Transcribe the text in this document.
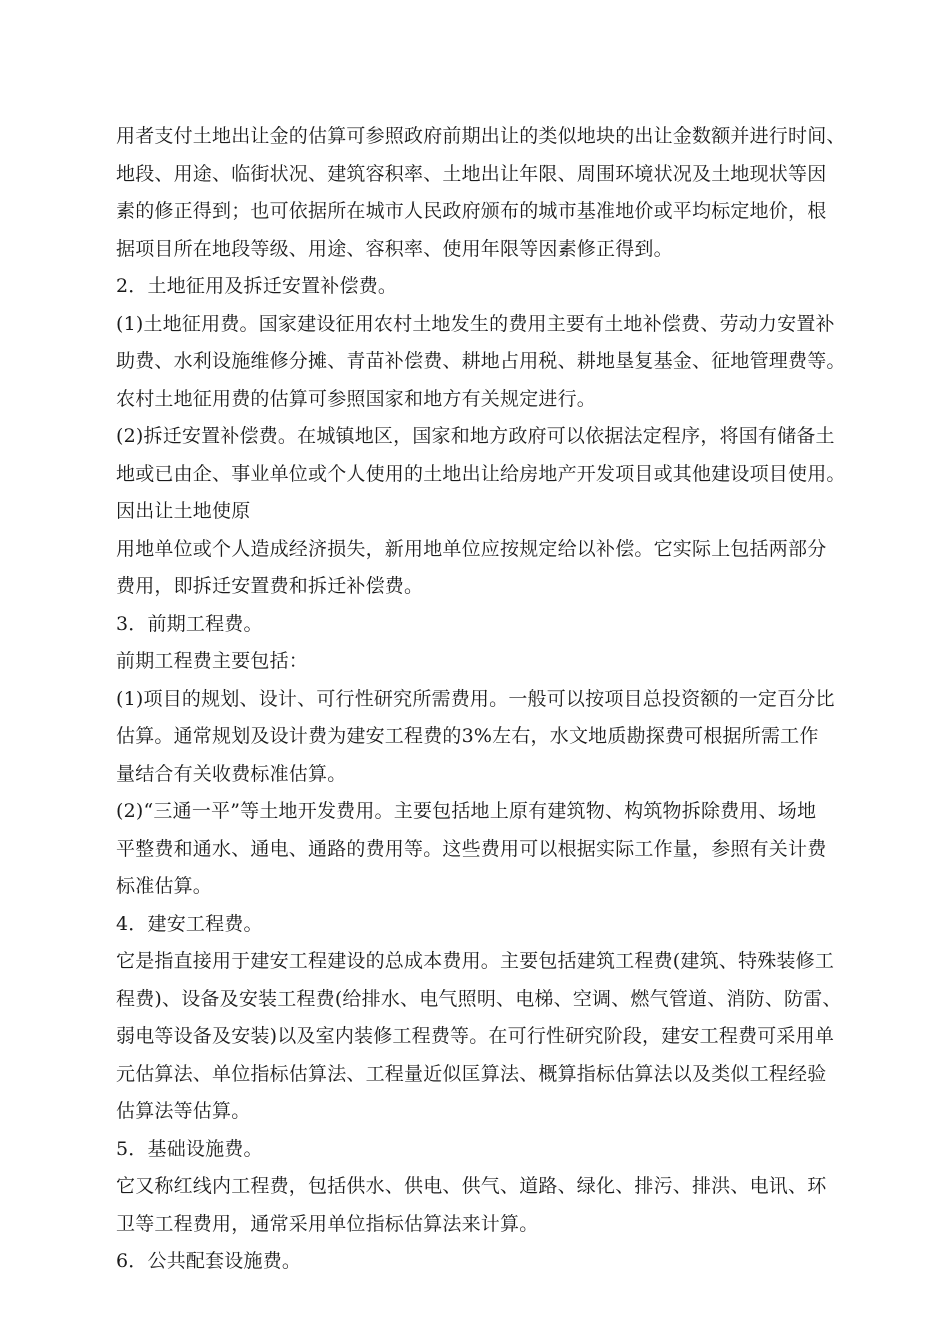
用者支付土地出让金的估算可参照政府前期出让的类似地块的出让金数额并进行时间、
地段、用途、临街状况、建筑容积率、土地出让年限、周围环境状况及土地现状等因
素的修正得到；也可依据所在城市人民政府颁布的城市基准地价或平均标定地价，根
据项目所在地段等级、用途、容积率、使用年限等因素修正得到。
2．土地征用及拆迁安置补偿费。
(1)土地征用费。国家建设征用农村土地发生的费用主要有土地补偿费、劳动力安置补
助费、水利设施维修分摊、青苗补偿费、耕地占用税、耕地垦复基金、征地管理费等。
农村土地征用费的估算可参照国家和地方有关规定进行。
(2)拆迁安置补偿费。在城镇地区，国家和地方政府可以依据法定程序，将国有储备土
地或已由企、事业单位或个人使用的土地出让给房地产开发项目或其他建设项目使用。
因出让土地使原
用地单位或个人造成经济损失，新用地单位应按规定给以补偿。它实际上包括两部分
费用，即拆迁安置费和拆迁补偿费。
3．前期工程费。
前期工程费主要包括：
(1)项目的规划、设计、可行性研究所需费用。一般可以按项目总投资额的一定百分比
估算。通常规划及设计费为建安工程费的3%左右，水文地质勘探费可根据所需工作
量结合有关收费标准估算。
(2)“三通一平”等土地开发费用。主要包括地上原有建筑物、构筑物拆除费用、场地
平整费和通水、通电、通路的费用等。这些费用可以根据实际工作量，参照有关计费
标准估算。
4．建安工程费。
它是指直接用于建安工程建设的总成本费用。主要包括建筑工程费(建筑、特殊装修工
程费)、设备及安装工程费(给排水、电气照明、电梯、空调、燃气管道、消防、防雷、
弱电等设备及安装)以及室内装修工程费等。在可行性研究阶段，建安工程费可采用单
元估算法、单位指标估算法、工程量近似匡算法、概算指标估算法以及类似工程经验
估算法等估算。
5．基础设施费。
它又称红线内工程费，包括供水、供电、供气、道路、绿化、排污、排洪、电讯、环
卫等工程费用，通常采用单位指标估算法来计算。
6．公共配套设施费。
